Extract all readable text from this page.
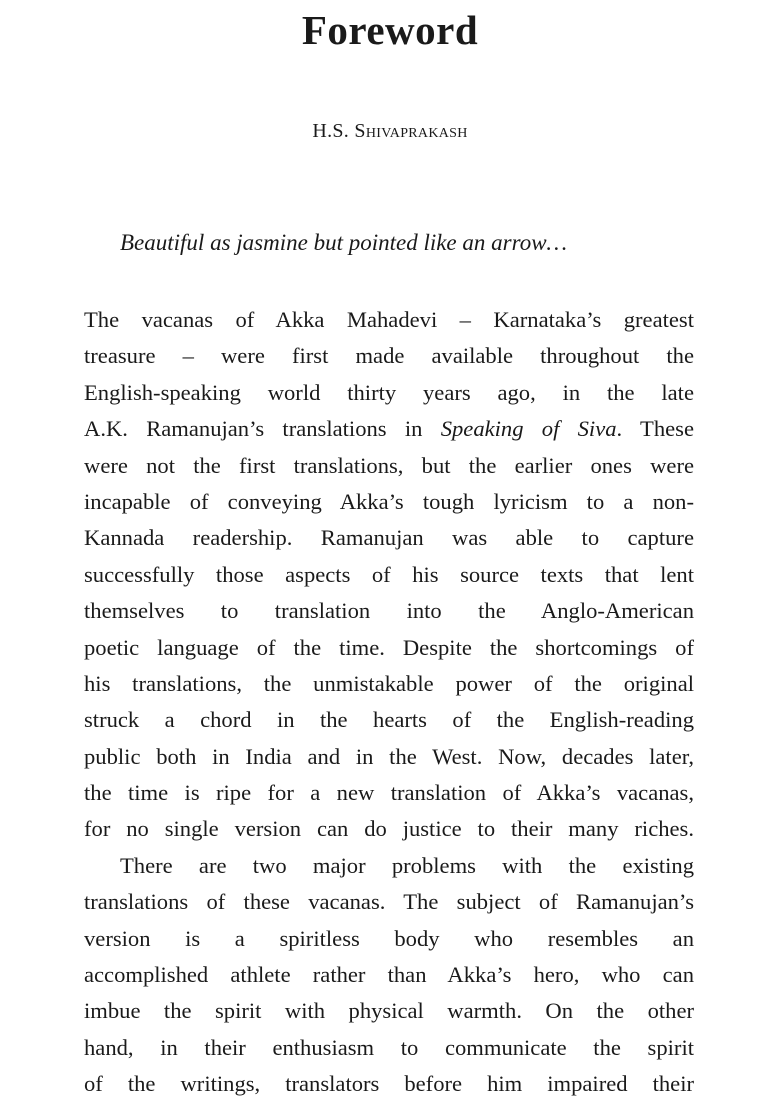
Foreword
H.S. Shivaprakash
Beautiful as jasmine but pointed like an arrow…
The vacanas of Akka Mahadevi – Karnataka’s greatest
treasure – were first made available throughout the
English-speaking world thirty years ago, in the late
A.K. Ramanujan’s translations in Speaking of Siva. These
were not the first translations, but the earlier ones were
incapable of conveying Akka’s tough lyricism to a non-
Kannada readership. Ramanujan was able to capture
successfully those aspects of his source texts that lent
themselves to translation into the Anglo-American
poetic language of the time. Despite the shortcomings of
his translations, the unmistakable power of the original
struck a chord in the hearts of the English-reading
public both in India and in the West. Now, decades later,
the time is ripe for a new translation of Akka’s vacanas,
for no single version can do justice to their many riches.
There are two major problems with the existing
translations of these vacanas. The subject of Ramanujan’s
version is a spiritless body who resembles an
accomplished athlete rather than Akka’s hero, who can
imbue the spirit with physical warmth. On the other
hand, in their enthusiasm to communicate the spirit
of the writings, translators before him impaired their
